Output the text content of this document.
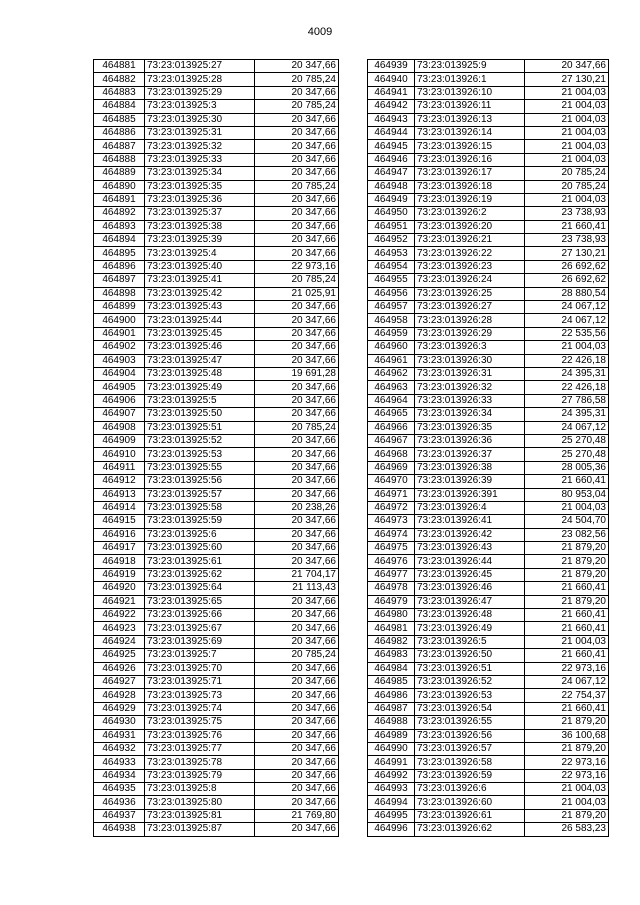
4009
464881	73:23:013925:27	20 347,66
464882	73:23:013925:28	20 785,24
464883	73:23:013925:29	20 347,66
464884	73:23:013925:3	20 785,24
464885	73:23:013925:30	20 347,66
464886	73:23:013925:31	20 347,66
464887	73:23:013925:32	20 347,66
464888	73:23:013925:33	20 347,66
464889	73:23:013925:34	20 347,66
464890	73:23:013925:35	20 785,24
464891	73:23:013925:36	20 347,66
464892	73:23:013925:37	20 347,66
464893	73:23:013925:38	20 347,66
464894	73:23:013925:39	20 347,66
464895	73:23:013925:4	20 347,66
464896	73:23:013925:40	22 973,16
464897	73:23:013925:41	20 785,24
464898	73:23:013925:42	21 025,91
464899	73:23:013925:43	20 347,66
464900	73:23:013925:44	20 347,66
464901	73:23:013925:45	20 347,66
464902	73:23:013925:46	20 347,66
464903	73:23:013925:47	20 347,66
464904	73:23:013925:48	19 691,28
464905	73:23:013925:49	20 347,66
464906	73:23:013925:5	20 347,66
464907	73:23:013925:50	20 347,66
464908	73:23:013925:51	20 785,24
464909	73:23:013925:52	20 347,66
464910	73:23:013925:53	20 347,66
464911	73:23:013925:55	20 347,66
464912	73:23:013925:56	20 347,66
464913	73:23:013925:57	20 347,66
464914	73:23:013925:58	20 238,26
464915	73:23:013925:59	20 347,66
464916	73:23:013925:6	20 347,66
464917	73:23:013925:60	20 347,66
464918	73:23:013925:61	20 347,66
464919	73:23:013925:62	21 704,17
464920	73:23:013925:64	21 113,43
464921	73:23:013925:65	20 347,66
464922	73:23:013925:66	20 347,66
464923	73:23:013925:67	20 347,66
464924	73:23:013925:69	20 347,66
464925	73:23:013925:7	20 785,24
464926	73:23:013925:70	20 347,66
464927	73:23:013925:71	20 347,66
464928	73:23:013925:73	20 347,66
464929	73:23:013925:74	20 347,66
464930	73:23:013925:75	20 347,66
464931	73:23:013925:76	20 347,66
464932	73:23:013925:77	20 347,66
464933	73:23:013925:78	20 347,66
464934	73:23:013925:79	20 347,66
464935	73:23:013925:8	20 347,66
464936	73:23:013925:80	20 347,66
464937	73:23:013925:81	21 769,80
464938	73:23:013925:87	20 347,66
464939	73:23:013925:9	20 347,66
464940	73:23:013926:1	27 130,21
464941	73:23:013926:10	21 004,03
464942	73:23:013926:11	21 004,03
464943	73:23:013926:13	21 004,03
464944	73:23:013926:14	21 004,03
464945	73:23:013926:15	21 004,03
464946	73:23:013926:16	21 004,03
464947	73:23:013926:17	20 785,24
464948	73:23:013926:18	20 785,24
464949	73:23:013926:19	21 004,03
464950	73:23:013926:2	23 738,93
464951	73:23:013926:20	21 660,41
464952	73:23:013926:21	23 738,93
464953	73:23:013926:22	27 130,21
464954	73:23:013926:23	26 692,62
464955	73:23:013926:24	26 692,62
464956	73:23:013926:25	28 880,54
464957	73:23:013926:27	24 067,12
464958	73:23:013926:28	24 067,12
464959	73:23:013926:29	22 535,56
464960	73:23:013926:3	21 004,03
464961	73:23:013926:30	22 426,18
464962	73:23:013926:31	24 395,31
464963	73:23:013926:32	22 426,18
464964	73:23:013926:33	27 786,58
464965	73:23:013926:34	24 395,31
464966	73:23:013926:35	24 067,12
464967	73:23:013926:36	25 270,48
464968	73:23:013926:37	25 270,48
464969	73:23:013926:38	28 005,36
464970	73:23:013926:39	21 660,41
464971	73:23:013926:391	80 953,04
464972	73:23:013926:4	21 004,03
464973	73:23:013926:41	24 504,70
464974	73:23:013926:42	23 082,56
464975	73:23:013926:43	21 879,20
464976	73:23:013926:44	21 879,20
464977	73:23:013926:45	21 879,20
464978	73:23:013926:46	21 660,41
464979	73:23:013926:47	21 879,20
464980	73:23:013926:48	21 660,41
464981	73:23:013926:49	21 660,41
464982	73:23:013926:5	21 004,03
464983	73:23:013926:50	21 660,41
464984	73:23:013926:51	22 973,16
464985	73:23:013926:52	24 067,12
464986	73:23:013926:53	22 754,37
464987	73:23:013926:54	21 660,41
464988	73:23:013926:55	21 879,20
464989	73:23:013926:56	36 100,68
464990	73:23:013926:57	21 879,20
464991	73:23:013926:58	22 973,16
464992	73:23:013926:59	22 973,16
464993	73:23:013926:6	21 004,03
464994	73:23:013926:60	21 004,03
464995	73:23:013926:61	21 879,20
464996	73:23:013926:62	26 583,23
